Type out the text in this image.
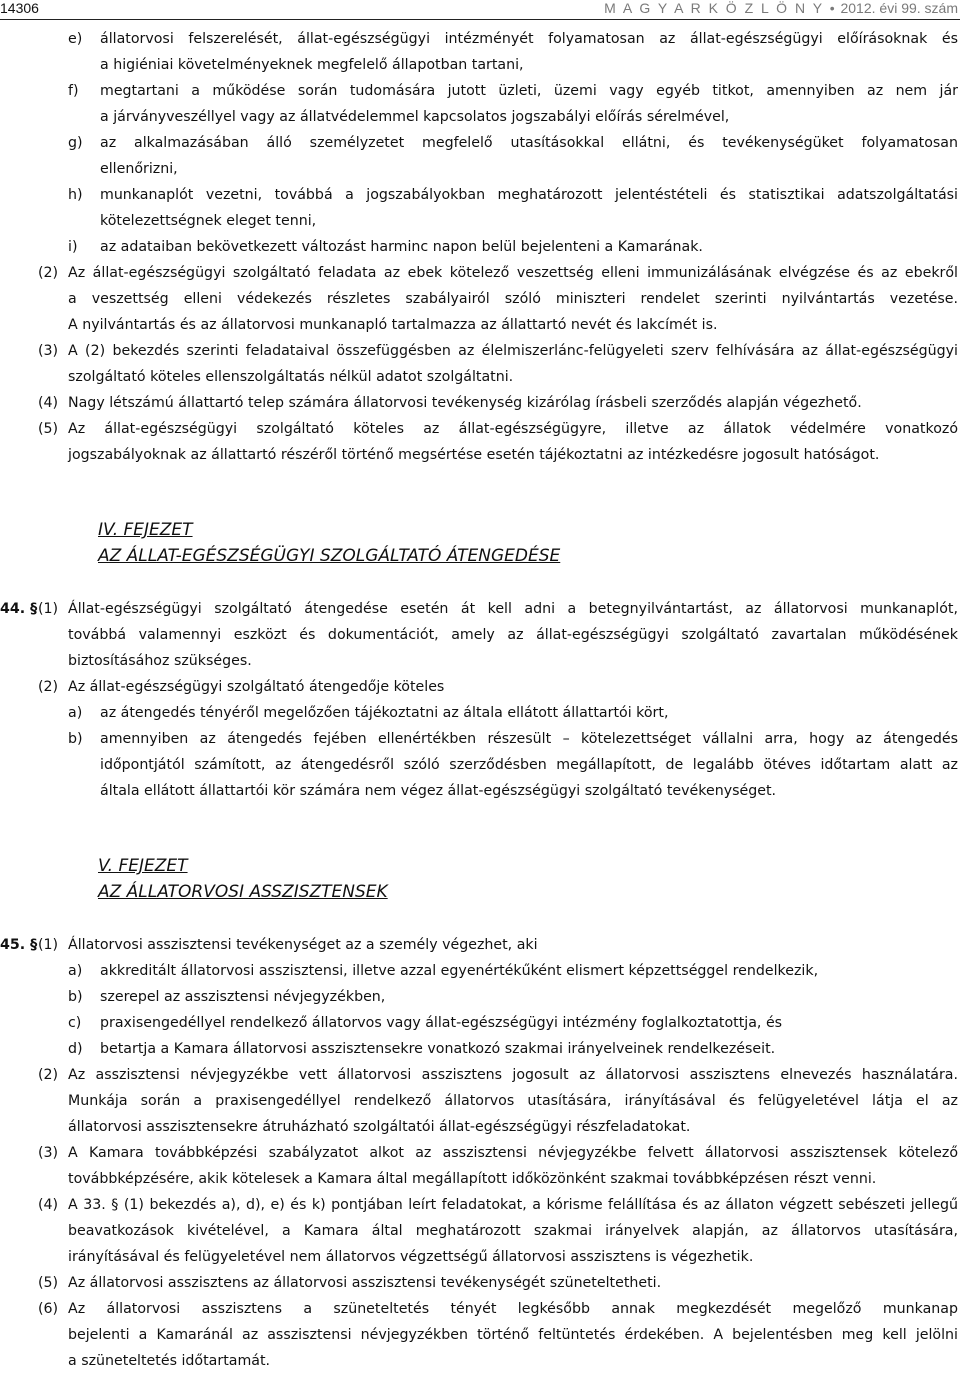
14306	M A G Y A R K Ö Z L Ö N Y • 2012. évi 99. szám
e) állatorvosi felszerelését, állat-egészségügyi intézményét folyamatosan az állat-egészségügyi előírásoknak és
a higiéniai követelményeknek megfelelő állapotban tartani,
f) megtartani a működése során tudomására jutott üzleti, üzemi vagy egyéb titkot, amennyiben az nem jár
a járványveszéllyel vagy az állatvédelemmel kapcsolatos jogszabályi előírás sérelmével,
g) az alkalmazásában álló személyzetet megfelelő utasításokkal ellátni, és tevékenységüket folyamatosan
ellenőrizni,
h) munkanaplót vezetni, továbbá a jogszabályokban meghatározott jelentéstételi és statisztikai adatszolgáltatási
kötelezettségnek eleget tenni,
i) az adataiban bekövetkezett változást harminc napon belül bejelenteni a Kamarának.
(2) Az állat-egészségügyi szolgáltató feladata az ebek kötelező veszettség elleni immunizálásának elvégzése és az ebekről
a veszettség elleni védekezés részletes szabályairól szóló miniszteri rendelet szerinti nyilvántartás vezetése.
A nyilvántartás és az állatorvosi munkanapló tartalmazza az állattartó nevét és lakcímét is.
(3) A (2) bekezdés szerinti feladataival összefüggésben az élelmiszerlánc-felügyeleti szerv felhívására az állat-egészségügyi
szolgáltató köteles ellenszolgáltatás nélkül adatot szolgáltatni.
(4) Nagy létszámú állattartó telep számára állatorvosi tevékenység kizárólag írásbeli szerződés alapján végezhető.
(5) Az állat-egészségügyi szolgáltató köteles az állat-egészségügyre, illetve az állatok védelmére vonatkozó
jogszabályoknak az állattartó részéről történő megsértése esetén tájékoztatni az intézkedésre jogosult hatóságot.
44. § (1) Állat-egészségügyi szolgáltató átengedése esetén át kell adni a betegnyilvántartást, az állatorvosi munkanaplót,
továbbá valamennyi eszközt és dokumentációt, amely az állat-egészségügyi szolgáltató zavartalan működésének
biztosításához szükséges.
(2) Az állat-egészségügyi szolgáltató átengedője köteles
a) az átengedés tényéről megelőzően tájékoztatni az általa ellátott állattartói kört,
b) amennyiben az átengedés fejében ellenértékben részesült – kötelezettséget vállalni arra, hogy az átengedés
időpontjától számított, az átengedésről szóló szerződésben megállapított, de legalább ötéves időtartam alatt az
általa ellátott állattartói kör számára nem végez állat-egészségügyi szolgáltató tevékenységet.
45. § (1) Állatorvosi asszisztensi tevékenységet az a személy végezhet, aki
a) akkreditált állatorvosi asszisztensi, illetve azzal egyenértékűként elismert képzettséggel rendelkezik,
b) szerepel az asszisztensi névjegyzékben,
c) praxisengedéllyel rendelkező állatorvos vagy állat-egészségügyi intézmény foglalkoztatottja, és
d) betartja a Kamara állatorvosi asszisztensekre vonatkozó szakmai irányelveinek rendelkezéseit.
(2) Az asszisztensi névjegyzékbe vett állatorvosi asszisztens jogosult az állatorvosi asszisztens elnevezés használatára.
Munkája során a praxisengedéllyel rendelkező állatorvos utasítására, irányításával és felügyeletével látja el az
állatorvosi asszisztensekre átruházható szolgáltatói állat-egészségügyi részfeladatokat.
(3) A Kamara továbbképzési szabályzatot alkot az asszisztensi névjegyzékbe felvett állatorvosi asszisztensek kötelező
továbbképzésére, akik kötelesek a Kamara által megállapított időközönként szakmai továbbképzésen részt venni.
(4) A 33. § (1) bekezdés a), d), e) és k) pontjában leírt feladatokat, a kórisme felállítása és az állaton végzett sebészeti jellegű
beavatkozások kivételével, a Kamara által meghatározott szakmai irányelvek alapján, az állatorvos utasítására,
irányításával és felügyeletével nem állatorvos végzettségű állatorvosi asszisztens is végezhetik.
(5) Az állatorvosi asszisztens az állatorvosi asszisztensi tevékenységét szüneteltetheti.
(6) Az állatorvosi asszisztens a szüneteltetés tényét legkésőbb annak megkezdését megelőző munkanap
bejelenti a Kamaránál az asszisztensi névjegyzékben történő feltüntetés érdekében. A bejelentésben meg kell jelölni
a szüneteltetés időtartamát.
IV. FEJEZET
AZ ÁLLAT-EGÉSZSÉGÜGYI SZOLGÁLTATÓ ÁTENGEDÉSE
V. FEJEZET
AZ ÁLLATORVOSI ASSZISZTENSEK
